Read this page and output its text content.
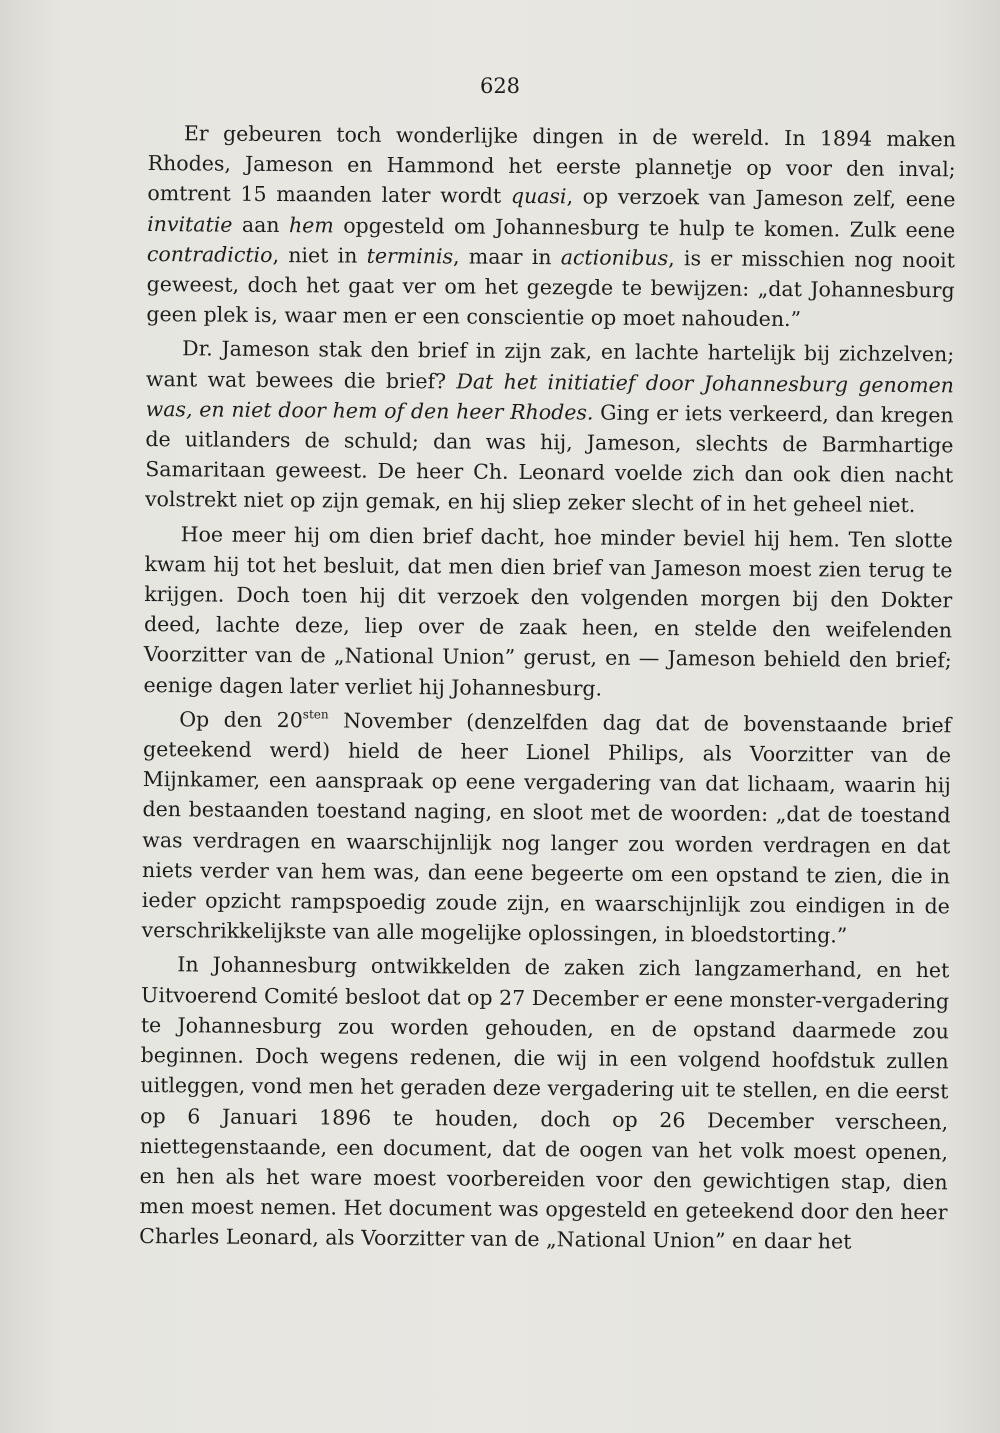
628

Er gebeuren toch wonderlijke dingen in de wereld. In 1894 maken Rhodes, Jameson en Hammond het eerste plannetje op voor den inval; omtrent 15 maanden later wordt quasi, op verzoek van Jameson zelf, eene invitatie aan hem opgesteld om Johannesburg te hulp te komen. Zulk eene contradictio, niet in terminis, maar in actionibus, is er misschien nog nooit geweest, doch het gaat ver om het gezegde te bewijzen: „dat Johannesburg geen plek is, waar men er een conscientie op moet nahouden.”

Dr. Jameson stak den brief in zijn zak, en lachte hartelijk bij zichzelven; want wat bewees die brief? Dat het initiatief door Johannesburg genomen was, en niet door hem of den heer Rhodes. Ging er iets verkeerd, dan kregen de uitlanders de schuld; dan was hij, Jameson, slechts de Barmhartige Samaritaan geweest. De heer Ch. Leonard voelde zich dan ook dien nacht volstrekt niet op zijn gemak, en hij sliep zeker slecht of in het geheel niet.

Hoe meer hij om dien brief dacht, hoe minder beviel hij hem. Ten slotte kwam hij tot het besluit, dat men dien brief van Jameson moest zien terug te krijgen. Doch toen hij dit verzoek den volgenden morgen bij den Dokter deed, lachte deze, liep over de zaak heen, en stelde den weifelenden Voorzitter van de „National Union” gerust, en — Jameson behield den brief; eenige dagen later verliet hij Johannesburg.

Op den $20^{sten}$ November (denzelfden dag dat de bovenstaande brief geteekend werd) hield de heer Lionel Philips, als Voorzitter van de Mijnkamer, een aanspraak op eene vergadering van dat lichaam, waarin hij den bestaanden toestand naging, en sloot met de woorden: „dat de toestand was verdragen en waarschijnlijk nog langer zou worden verdragen en dat niets verder van hem was, dan eene begeerte om een opstand te zien, die in ieder opzicht rampspoedig zoude zijn, en waarschijnlijk zou eindigen in de verschrikkelijkste van alle mogelijke oplossingen, in bloedstorting.”

In Johannesburg ontwikkelden de zaken zich langzamerhand, en het Uitvoerend Comité besloot dat op 27 December er eene monster-vergadering te Johannesburg zou worden gehouden, en de opstand daarmede zou beginnen. Doch wegens redenen, die wij in een volgend hoofdstuk zullen uitleggen, vond men het geraden deze vergadering uit te stellen, en die eerst op 6 Januari 1896 te houden, doch op 26 December verscheen, niettegenstaande, een document, dat de oogen van het volk moest openen, en hen als het ware moest voorbereiden voor den gewichtigen stap, dien men moest nemen. Het document was opgesteld en geteekend door den heer Charles Leonard, als Voorzitter van de „National Union” en daar het
